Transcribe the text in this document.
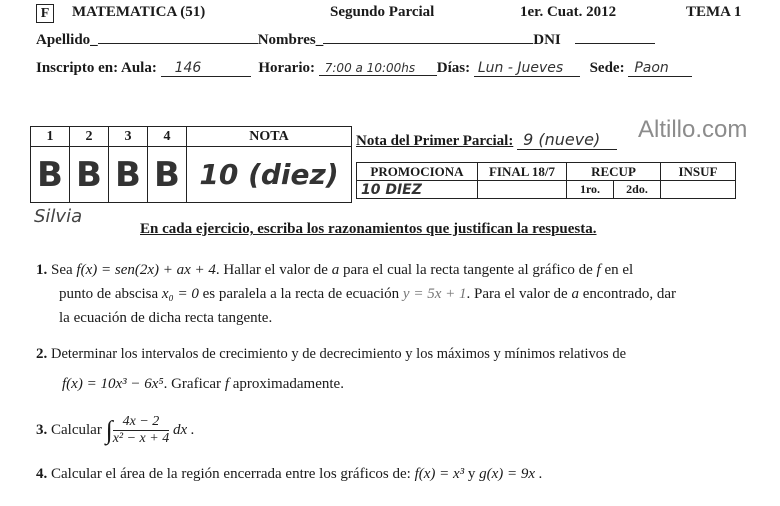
F	MATEMATICA (51)	Segundo Parcial	1er. Cuat. 2012	TEMA 1
Apellido_	Nombres_	DNI
Inscripto en: Aula: 146	Horario: 7:00 a 10:00hs Días: Lun - Jueves Sede: Paon
1	2	3	4	NOTA
B	B	B	B	10 (diez)
Silvia
Nota del Primer Parcial: 9 (nueve)	Altillo.com
PROMOCIONA	FINAL 18/7	RECUP		INSUF
10 DIEZ		1ro.	2do.	
En cada ejercicio, escriba los razonamientos que justifican la respuesta.
1. Sea f(x) = sen(2x) + ax + 4. Hallar el valor de a para el cual la recta tangente al gráfico de f en el
punto de abscisa x₀ = 0 es paralela a la recta de ecuación y = 5x + 1. Para el valor de a encontrado, dar
la ecuación de dicha recta tangente.
2. Determinar los intervalos de crecimiento y de decrecimiento y los máximos y mínimos relativos de
f(x) = 10x³ − 6x⁵. Graficar f aproximadamente.
3. Calcular ∫ $\frac{4x - 2}{\text{x² − x + 4}}$ dx .
4. Calcular el área de la región encerrada entre los gráficos de: f(x) = x³ y g(x) = 9x .
